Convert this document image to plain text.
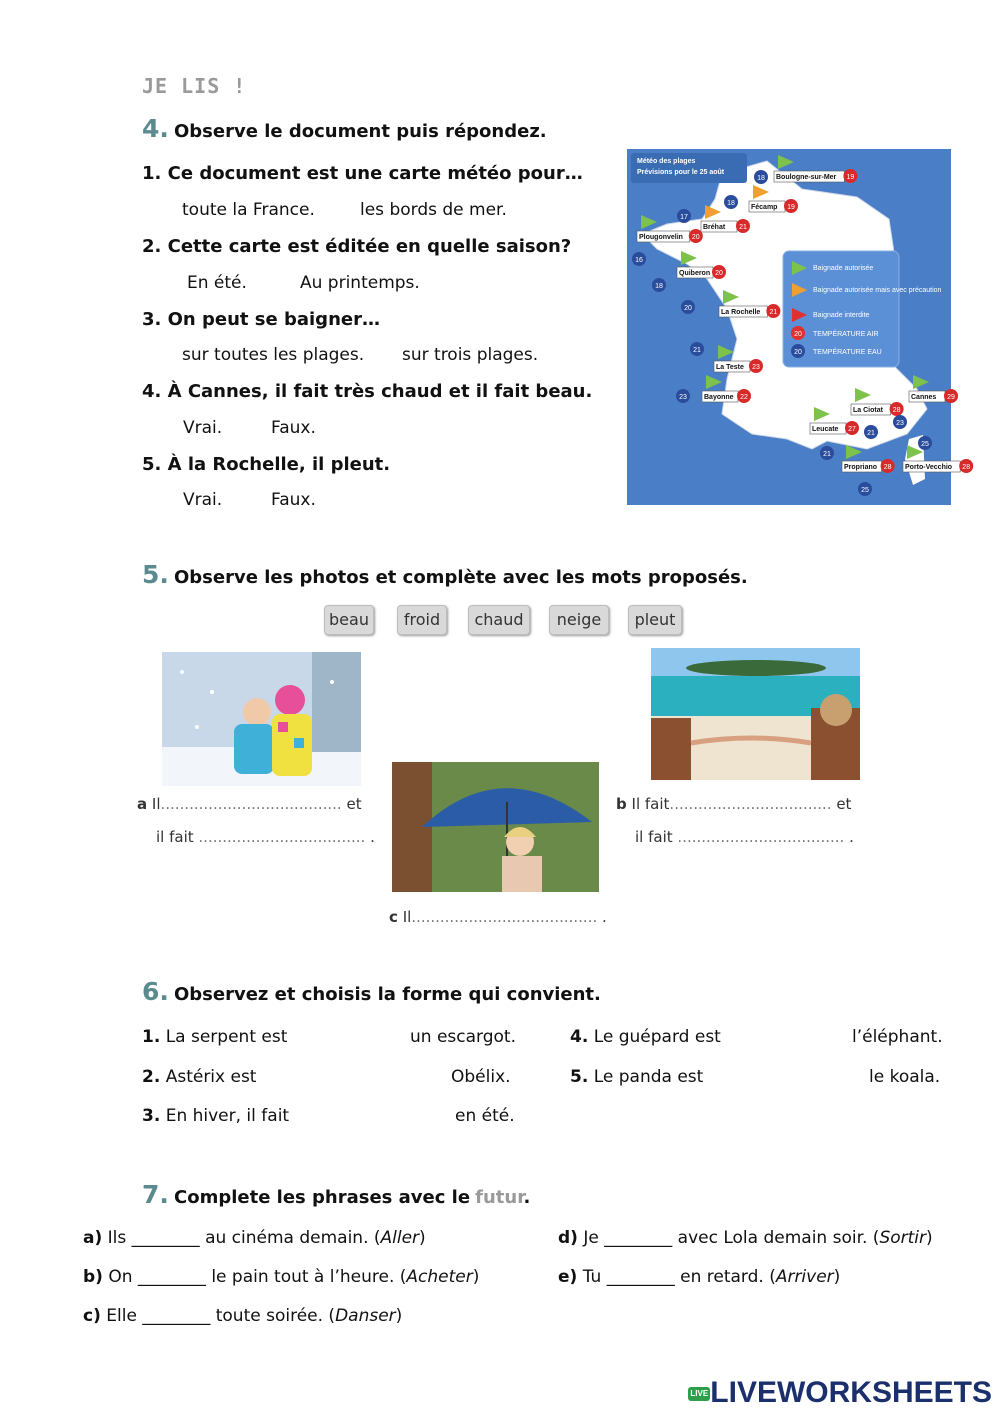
JE LIS !
4. Observe le document puis répondez.
1. Ce document est une carte météo pour…
toute la France.	les bords de mer.
2. Cette carte est éditée en quelle saison?
En été.	Au printemps.
3. On peut se baigner…
sur toutes les plages. sur trois plages.
4. À Cannes, il fait très chaud et il fait beau.
Vrai.	Faux.
5. À la Rochelle, il pleut.
Vrai.	Faux.
Météo des plages
Prévisions pour le 25 août
20
20
Baignade autorisée
Baignade autorisée mais avec précaution
Baignade interdite
TEMPÉRATURE AIR
TEMPÉRATURE EAU
Boulogne-sur-Mer 19
18
Fécamp 19
18
Bréhat 21
17
Plougonvelin 20
16
Quiberon 20
18
La Rochelle 21
20
La Teste 23
21
Bayonne 22
23
Leucate 27
21
La Ciotat 28
21
Cannes 29
23
Propriano 28
25
Porto-Vecchio 28
25
5. Observe les photos et complète avec les mots proposés.
beau	froid	chaud	neige	pleut
a Il...................................... et
il fait ................................... .
b Il fait.................................. et
il fait ................................... .
c Il....................................... .
6. Observez et choisis la forme qui convient.
1. La serpent est	un escargot.
2. Astérix est	Obélix.
3. En hiver, il fait	en été.
4. Le guépard est	l’éléphant.
5. Le panda est	le koala.
7. Complete les phrases avec le futur.
a) Ils ________ au cinéma demain. (Aller)
b) On ________ le pain tout à l’heure. (Acheter)
c) Elle ________ toute soirée. (Danser)
d) Je ________ avec Lola demain soir. (Sortir)
e) Tu ________ en retard. (Arriver)
LIVELIVEWORKSHEETS
